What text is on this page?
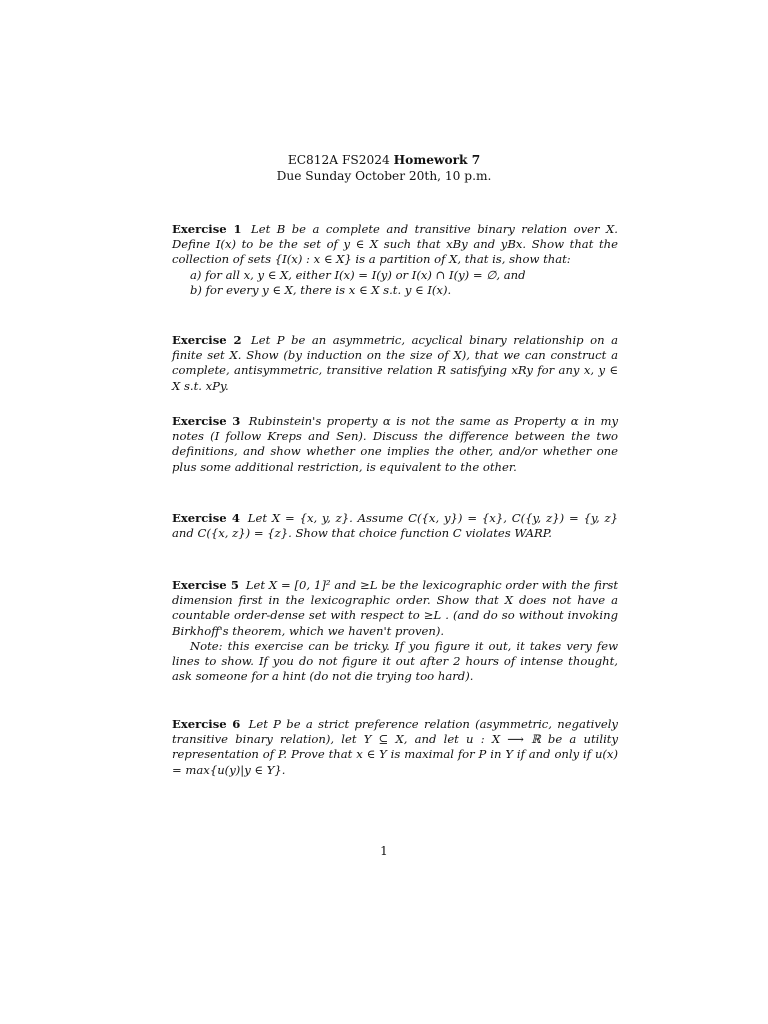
EC812A FS2024 Homework 7
Due Sunday October 20th, 10 p.m.

Exercise 1 Let B be a complete and transitive binary relation over X. Define I(x) to be the set of y ∈ X such that xBy and yBx. Show that the collection of sets {I(x) : x ∈ X} is a partition of X, that is, show that:

a) for all x, y ∈ X, either I(x) = I(y) or I(x) ∩ I(y) = ∅, and
b) for every y ∈ X, there is x ∈ X s.t. y ∈ I(x).

Exercise 2 Let P be an asymmetric, acyclical binary relationship on a finite set X. Show (by induction on the size of X), that we can construct a complete, antisymmetric, transitive relation R satisfying xRy for any x, y ∈ X s.t. xPy.

Exercise 3 Rubinstein's property α is not the same as Property α in my notes (I follow Kreps and Sen). Discuss the difference between the two definitions, and show whether one implies the other, and/or whether one plus some additional restriction, is equivalent to the other.

Exercise 4 Let X = {x, y, z}. Assume C({x, y}) = {x}, C({y, z}) = {y, z} and C({x, z}) = {z}. Show that choice function C violates WARP.

Exercise 5 Let X = [0, 1]² and ≥L be the lexicographic order with the first dimension first in the lexicographic order. Show that X does not have a countable order-dense set with respect to ≥L . (and do so without invoking Birkhoff's theorem, which we haven't proven).

Note: this exercise can be tricky. If you figure it out, it takes very few lines to show. If you do not figure it out after 2 hours of intense thought, ask someone for a hint (do not die trying too hard).

Exercise 6 Let P be a strict preference relation (asymmetric, negatively transitive binary relation), let Y ⊆ X, and let u : X ⟶ ℝ be a utility representation of P. Prove that x ∈ Y is maximal for P in Y if and only if u(x) = max{u(y)|y ∈ Y}.

1
